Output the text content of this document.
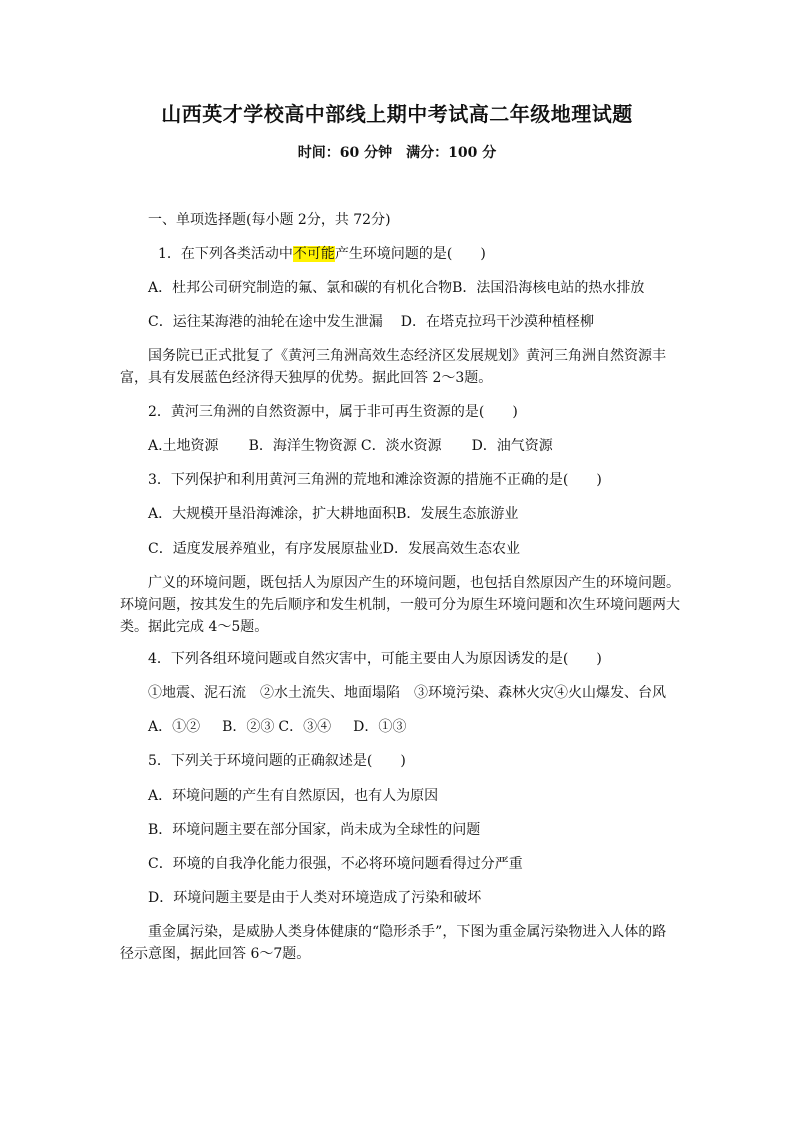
山西英才学校高中部线上期中考试高二年级地理试题
时间：60 分钟 满分：100 分
一、单项选择题(每小题 2分，共 72分)
1．在下列各类活动中不可能产生环境问题的是(　　)
A．杜邦公司研究制造的氟、氯和碳的有机化合物B．法国沿海核电站的热水排放
C．运往某海港的油轮在途中发生泄漏 D．在塔克拉玛干沙漠种植柽柳
国务院已正式批复了《黄河三角洲高效生态经济区发展规划》黄河三角洲自然资源丰富，具有发展蓝色经济得天独厚的优势。据此回答 2～3题。
2．黄河三角洲的自然资源中，属于非可再生资源的是(　　)
A.土地资源 B．海洋生物资源 C．淡水资源 D．油气资源
3．下列保护和利用黄河三角洲的荒地和滩涂资源的措施不正确的是(　　)
A．大规模开垦沿海滩涂，扩大耕地面积B．发展生态旅游业
C．适度发展养殖业，有序发展原盐业D．发展高效生态农业
广义的环境问题，既包括人为原因产生的环境问题，也包括自然原因产生的环境问题。环境问题，按其发生的先后顺序和发生机制，一般可分为原生环境问题和次生环境问题两大类。据此完成 4～5题。
4．下列各组环境问题或自然灾害中，可能主要由人为原因诱发的是(　　)
①地震、泥石流　②水土流失、地面塌陷　③环境污染、森林火灾④火山爆发、台风
A．①② B．②③ C．③④ D．①③
5．下列关于环境问题的正确叙述是(　　)
A．环境问题的产生有自然原因，也有人为原因
B．环境问题主要在部分国家，尚未成为全球性的问题
C．环境的自我净化能力很强，不必将环境问题看得过分严重
D．环境问题主要是由于人类对环境造成了污染和破坏
重金属污染，是威胁人类身体健康的“隐形杀手”，下图为重金属污染物进入人体的路径示意图，据此回答 6～7题。
